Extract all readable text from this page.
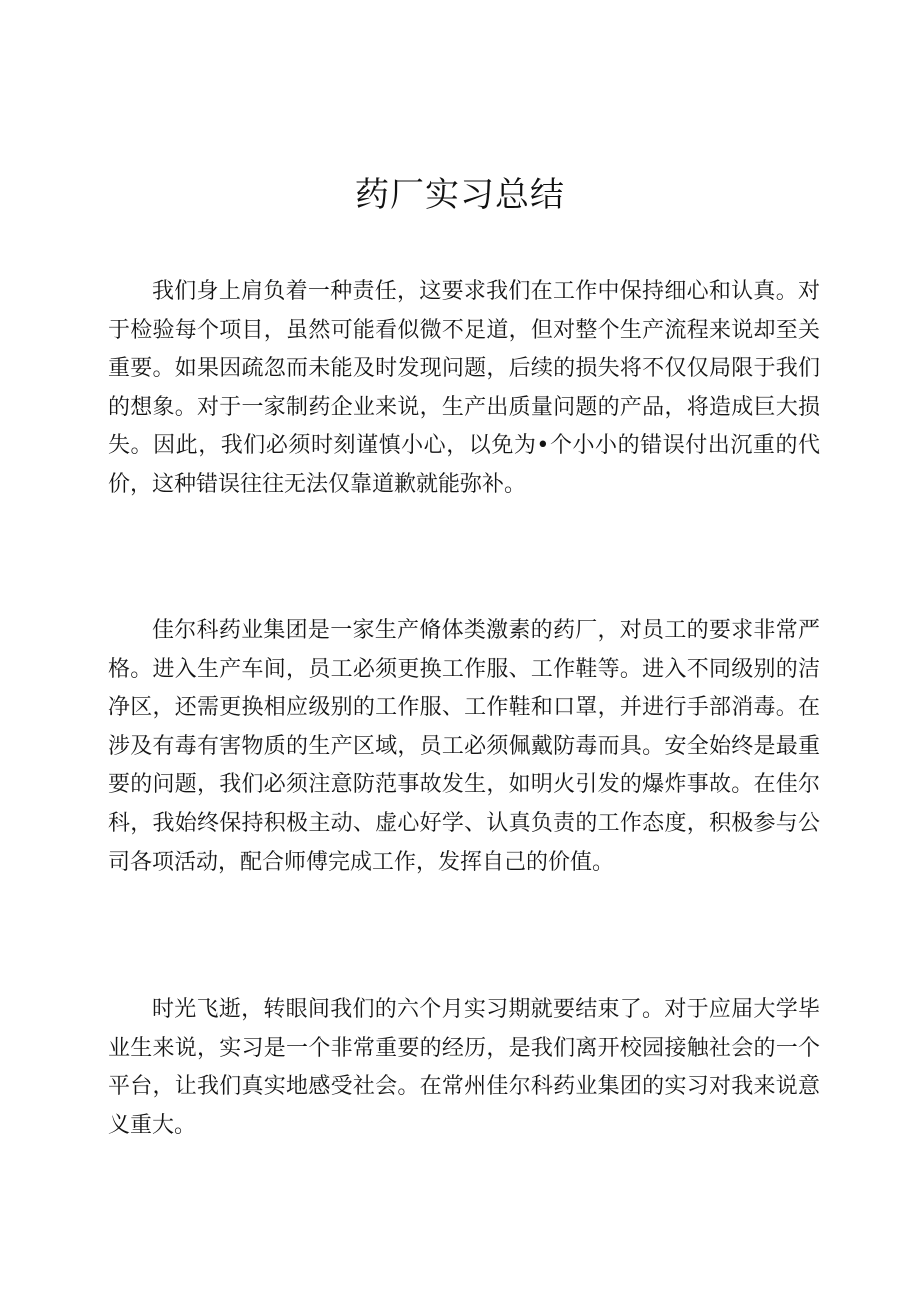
药厂实习总结

我们身上肩负着一种责任，这要求我们在工作中保持细心和认真。对于检验每个项目，虽然可能看似微不足道，但对整个生产流程来说却至关重要。如果因疏忽而未能及时发现问题，后续的损失将不仅仅局限于我们的想象。对于一家制药企业来说，生产出质量问题的产品，将造成巨大损失。因此，我们必须时刻谨慎小心，以免为•个小小的错误付出沉重的代价，这种错误往往无法仅靠道歉就能弥补。

佳尔科药业集团是一家生产脩体类激素的药厂，对员工的要求非常严格。进入生产车间，员工必须更换工作服、工作鞋等。进入不同级别的洁净区，还需更换相应级别的工作服、工作鞋和口罩，并进行手部消毒。在涉及有毒有害物质的生产区域，员工必须佩戴防毒而具。安全始终是最重要的问题，我们必须注意防范事故发生，如明火引发的爆炸事故。在佳尔科，我始终保持积极主动、虚心好学、认真负责的工作态度，积极参与公司各项活动，配合师傅完成工作，发挥自己的价值。

时光飞逝，转眼间我们的六个月实习期就要结束了。对于应届大学毕业生来说，实习是一个非常重要的经历，是我们离开校园接触社会的一个平台，让我们真实地感受社会。在常州佳尔科药业集团的实习对我来说意义重大。
